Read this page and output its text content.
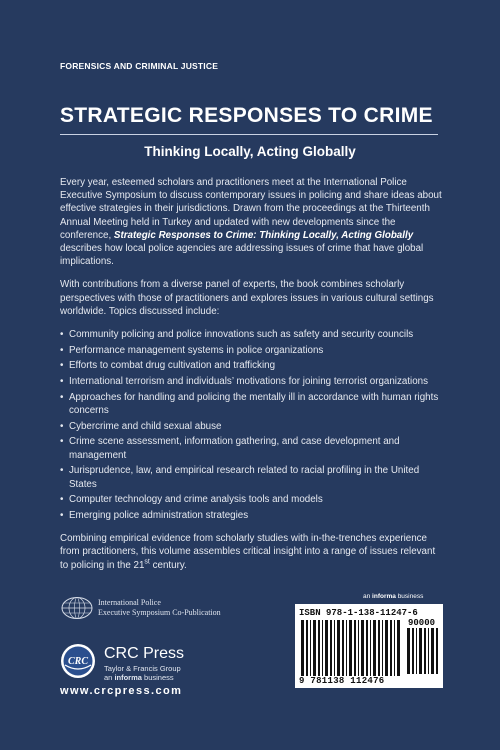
FORENSICS AND CRIMINAL JUSTICE
STRATEGIC RESPONSES TO CRIME
Thinking Locally, Acting Globally

Every year, esteemed scholars and practitioners meet at the International Police Executive Symposium to discuss contemporary issues in policing and share ideas about effective strategies in their jurisdictions. Drawn from the proceedings at the Thirteenth Annual Meeting held in Turkey and updated with new developments since the conference, Strategic Responses to Crime: Thinking Locally, Acting Globally describes how local police agencies are addressing issues of crime that have global implications.

With contributions from a diverse panel of experts, the book combines scholarly perspectives with those of practitioners and explores issues in various cultural settings worldwide. Topics discussed include:

• Community policing and police innovations such as safety and security councils
• Performance management systems in police organizations
• Efforts to combat drug cultivation and trafficking
• International terrorism and individuals’ motivations for joining terrorist organizations
• Approaches for handling and policing the mentally ill in accordance with human rights concerns
• Cybercrime and child sexual abuse
• Crime scene assessment, information gathering, and case development and management
• Jurisprudence, law, and empirical research related to racial profiling in the United States
• Computer technology and crime analysis tools and models
• Emerging police administration strategies

Combining empirical evidence from scholarly studies with in-the-trenches experience from practitioners, this volume assembles critical insight into a range of issues relevant to policing in the 21st century.

International Police
Executive Symposium Co-Publication
CRC CRC Press
Taylor & Francis Group
an informa business
www.crcpress.com
an informa business
ISBN 978-1-138-11247-6
90000
9 781138 112476
